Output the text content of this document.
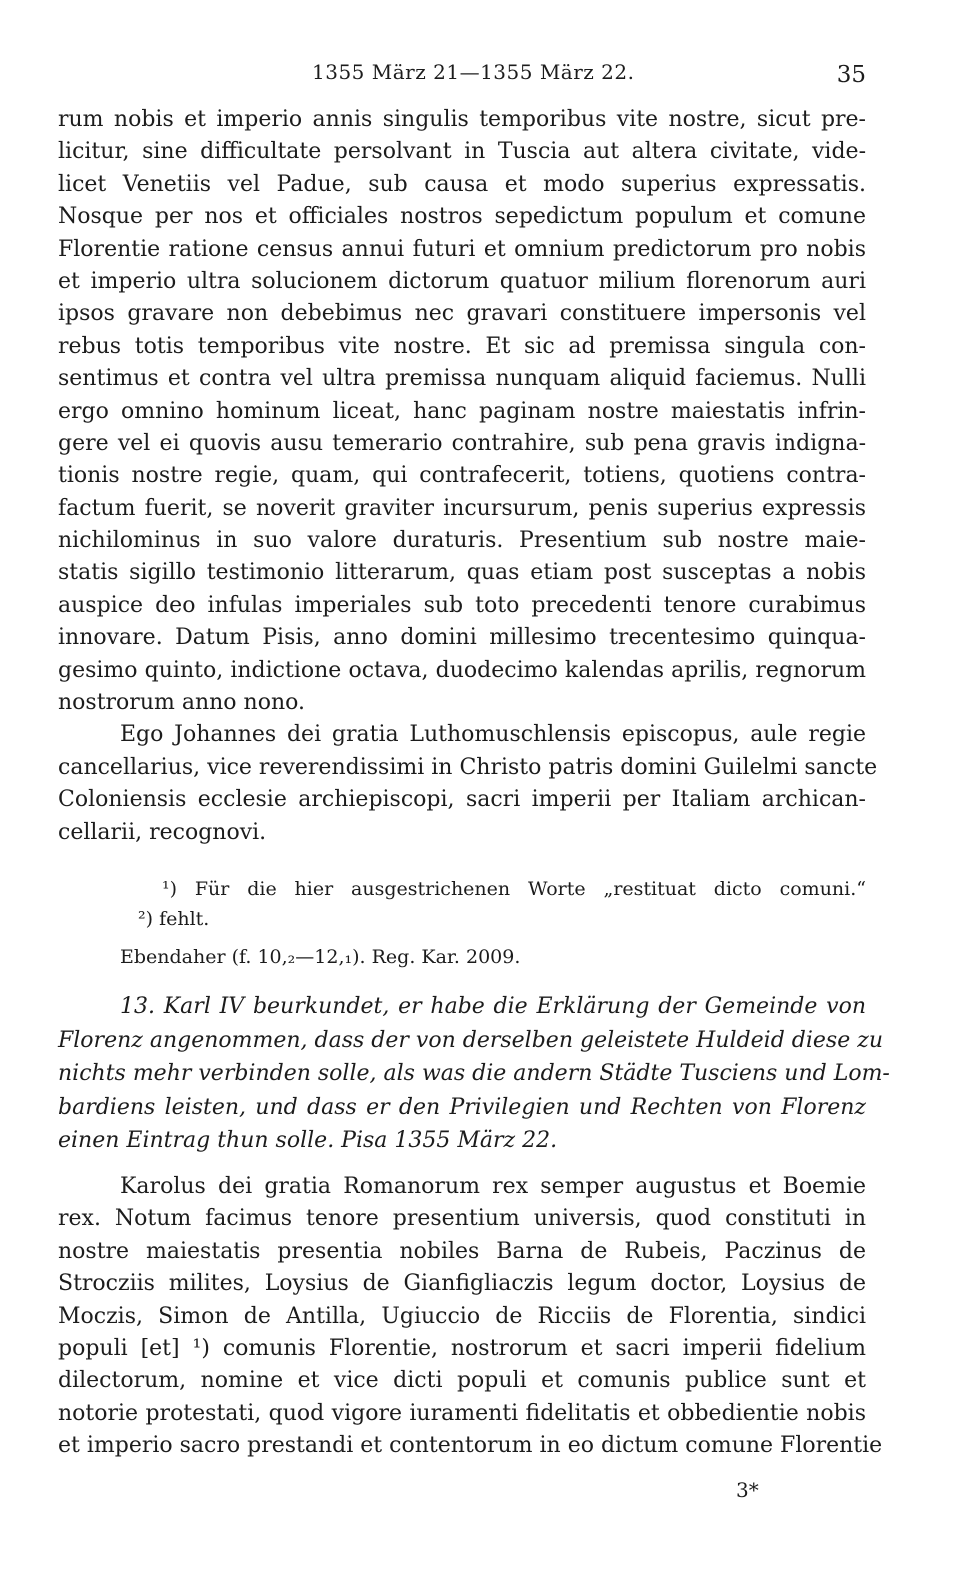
1355 März 21—1355 März 22.	35
rum nobis et imperio annis singulis temporibus vite nostre, sicut pre-
licitur, sine difficultate persolvant in Tuscia aut altera civitate, vide-
licet Venetiis vel Padue, sub causa et modo superius expressatis.
Nosque per nos et officiales nostros sepedictum populum et comune
Florentie ratione census annui futuri et omnium predictorum pro nobis
et imperio ultra solucionem dictorum quatuor milium florenorum auri
ipsos gravare non debebimus nec gravari constituere impersonis vel
rebus totis temporibus vite nostre. Et sic ad premissa singula con-
sentimus et contra vel ultra premissa nunquam aliquid faciemus. Nulli
ergo omnino hominum liceat, hanc paginam nostre maiestatis infrin-
gere vel ei quovis ausu temerario contrahire, sub pena gravis indigna-
tionis nostre regie, quam, qui contrafecerit, totiens, quotiens contra-
factum fuerit, se noverit graviter incursurum, penis superius expressis
nichilominus in suo valore duraturis. Presentium sub nostre maie-
statis sigillo testimonio litterarum, quas etiam post susceptas a nobis
auspice deo infulas imperiales sub toto precedenti tenore curabimus
innovare. Datum Pisis, anno domini millesimo trecentesimo quinqua-
gesimo quinto, indictione octava, duodecimo kalendas aprilis, regnorum
nostrorum anno nono.
Ego Johannes dei gratia Luthomuschlensis episcopus, aule regie
cancellarius, vice reverendissimi in Christo patris domini Guilelmi sancte
Coloniensis ecclesie archiepiscopi, sacri imperii per Italiam archican-
cellarii, recognovi.
¹) Für die hier ausgestrichenen Worte „restituat dicto comuni.“
²) fehlt.
Ebendaher (f. 10,₂—12,₁). Reg. Kar. 2009.
13. Karl IV beurkundet, er habe die Erklärung der Gemeinde von
Florenz angenommen, dass der von derselben geleistete Huldeid diese zu
nichts mehr verbinden solle, als was die andern Städte Tusciens und Lom-
bardiens leisten, und dass er den Privilegien und Rechten von Florenz
einen Eintrag thun solle. Pisa 1355 März 22.
Karolus dei gratia Romanorum rex semper augustus et Boemie
rex. Notum facimus tenore presentium universis, quod constituti in
nostre maiestatis presentia nobiles Barna de Rubeis, Paczinus de
Strocziis milites, Loysius de Gianfigliaczis legum doctor, Loysius de
Moczis, Simon de Antilla, Ugiuccio de Ricciis de Florentia, sindici
populi [et] ¹) comunis Florentie, nostrorum et sacri imperii fidelium
dilectorum, nomine et vice dicti populi et comunis publice sunt et
notorie protestati, quod vigore iuramenti fidelitatis et obbedientie nobis
et imperio sacro prestandi et contentorum in eo dictum comune Florentie
3*
